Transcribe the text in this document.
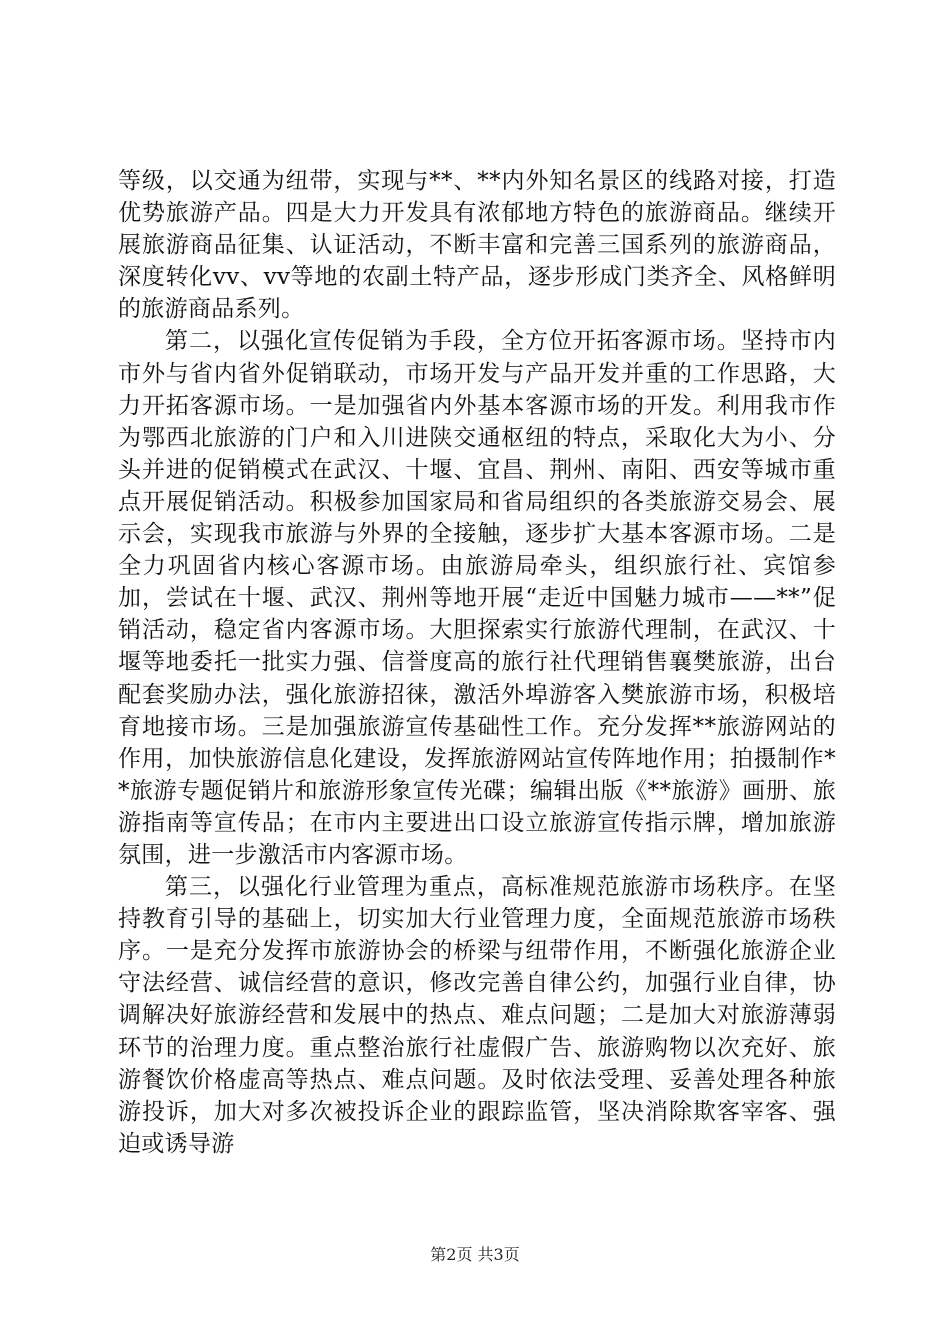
等级，以交通为纽带，实现与**、**内外知名景区的线路对接，打造优势旅游产品。四是大力开发具有浓郁地方特色的旅游商品。继续开展旅游商品征集、认证活动，不断丰富和完善三国系列的旅游商品，深度转化vv、vv等地的农副土特产品，逐步形成门类齐全、风格鲜明的旅游商品系列。

第二，以强化宣传促销为手段，全方位开拓客源市场。坚持市内市外与省内省外促销联动，市场开发与产品开发并重的工作思路，大力开拓客源市场。一是加强省内外基本客源市场的开发。利用我市作为鄂西北旅游的门户和入川进陕交通枢纽的特点，采取化大为小、分头并进的促销模式在武汉、十堰、宜昌、荆州、南阳、西安等城市重点开展促销活动。积极参加国家局和省局组织的各类旅游交易会、展示会，实现我市旅游与外界的全接触，逐步扩大基本客源市场。二是全力巩固省内核心客源市场。由旅游局牵头，组织旅行社、宾馆参加，尝试在十堰、武汉、荆州等地开展“走近中国魅力城市——**”促销活动，稳定省内客源市场。大胆探索实行旅游代理制，在武汉、十堰等地委托一批实力强、信誉度高的旅行社代理销售襄樊旅游，出台配套奖励办法，强化旅游招徕，激活外埠游客入樊旅游市场，积极培育地接市场。三是加强旅游宣传基础性工作。充分发挥**旅游网站的作用，加快旅游信息化建设，发挥旅游网站宣传阵地作用；拍摄制作**旅游专题促销片和旅游形象宣传光碟；编辑出版《**旅游》画册、旅游指南等宣传品；在市内主要进出口设立旅游宣传指示牌，增加旅游氛围，进一步激活市内客源市场。

第三，以强化行业管理为重点，高标准规范旅游市场秩序。在坚持教育引导的基础上，切实加大行业管理力度，全面规范旅游市场秩序。一是充分发挥市旅游协会的桥梁与纽带作用，不断强化旅游企业守法经营、诚信经营的意识，修改完善自律公约，加强行业自律，协调解决好旅游经营和发展中的热点、难点问题；二是加大对旅游薄弱环节的治理力度。重点整治旅行社虚假广告、旅游购物以次充好、旅游餐饮价格虚高等热点、难点问题。及时依法受理、妥善处理各种旅游投诉，加大对多次被投诉企业的跟踪监管，坚决消除欺客宰客、强迫或诱导游

第2页 共3页
